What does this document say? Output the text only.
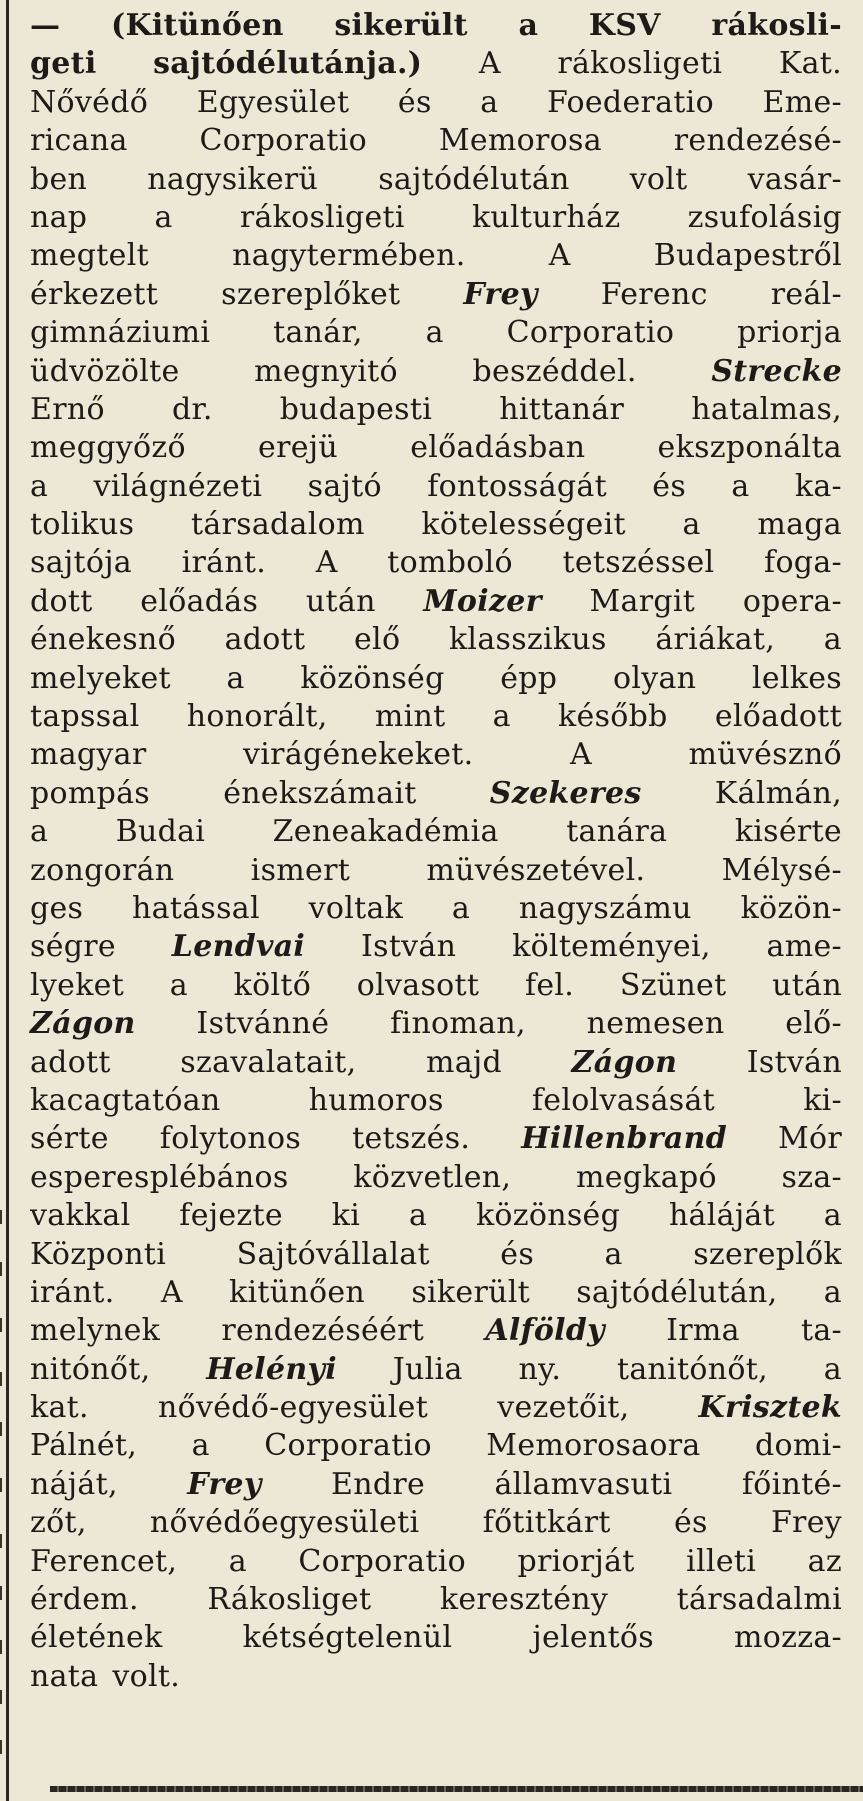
— (Kitünően sikerült a KSV rákosli-
geti sajtódélutánja.) A rákosligeti Kat.
Nővédő Egyesület és a Foederatio Eme-
ricana Corporatio Memorosa rendezésé-
ben nagysikerü sajtódélután volt vasár-
nap a rákosligeti kulturház zsufolásig
megtelt	nagytermében.	A	Budapestről
érkezett szereplőket Frey Ferenc reál-
gimnáziumi tanár, a Corporatio priorja
üdvözölte megnyitó beszéddel. Strecke
Ernő dr. budapesti hittanár hatalmas,
meggyőző erejü előadásban ekszponálta
a világnézeti sajtó fontosságát és a ka-
tolikus társadalom kötelességeit a maga
sajtója iránt. A tomboló tetszéssel foga-
dott előadás után Moizer Margit opera-
énekesnő adott elő klasszikus áriákat, a
melyeket a közönség épp olyan lelkes
tapssal honorált, mint a később előadott
magyar	virágénekeket.	A	müvésznő
pompás énekszámait Szekeres Kálmán,
a Budai Zeneakadémia tanára kisérte
zongorán	ismert	müvészetével.	Mélysé-
ges hatással voltak a nagyszámu közön-
ségre Lendvai István költeményei, ame-
lyeket a költő olvasott fel. Szünet után
Zágon Istvánné finoman, nemesen elő-
adott szavalatait, majd Zágon István
kacagtatóan	humoros	felolvasását	ki-
sérte folytonos tetszés. Hillenbrand Mór
esperesplébános közvetlen, megkapó sza-
vakkal fejezte ki a közönség háláját a
Központi Sajtóvállalat és a szereplők
iránt. A kitünően sikerült sajtódélután, a
melynek rendezéséért Alföldy Irma ta-
nitónőt, Helényi Julia ny. tanitónőt, a
kat. nővédő-egyesület vezetőit, Krisztek
Pálnét, a Corporatio Memorosaora domi-
náját, Frey Endre államvasuti főinté-
zőt, nővédőegyesületi főtitkárt és Frey
Ferencet, a Corporatio priorját illeti az
érdem. Rákosliget keresztény társadalmi
életének	kétségtelenül	jelentős	mozza-
nata volt.
